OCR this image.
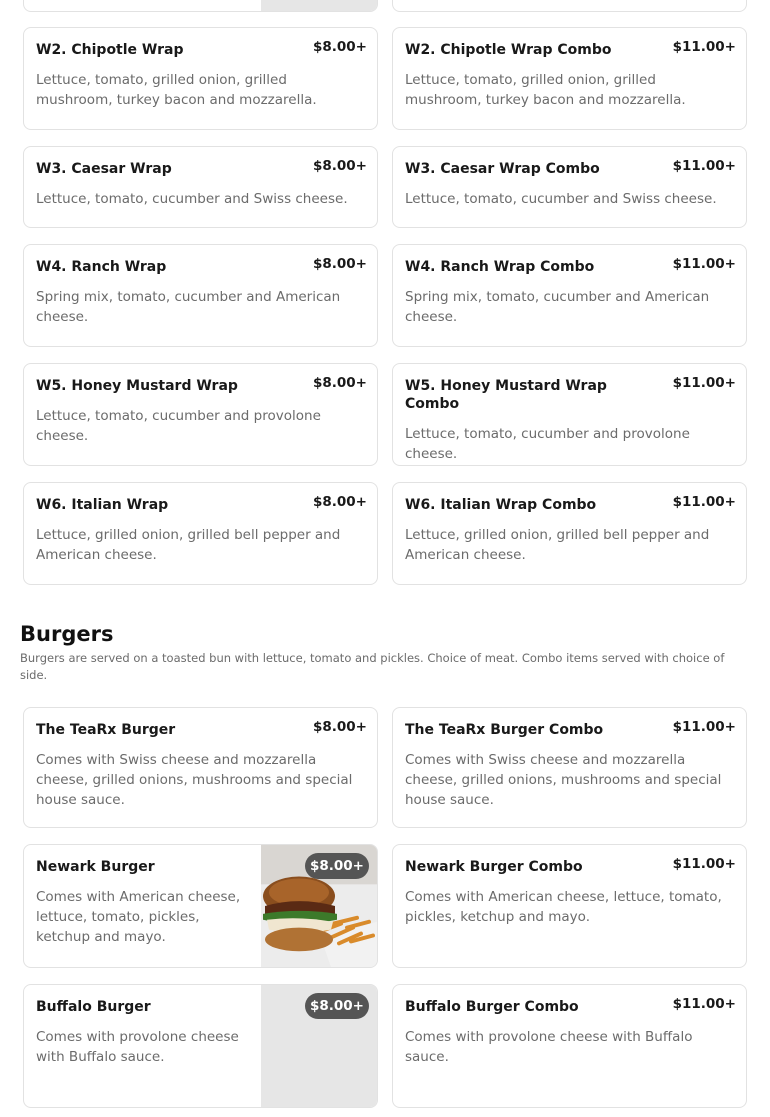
W2. Chipotle Wrap	$8.00+
Lettuce, tomato, grilled onion, grilled mushroom, turkey bacon and mozzarella.
W2. Chipotle Wrap Combo	$11.00+
Lettuce, tomato, grilled onion, grilled mushroom, turkey bacon and mozzarella.
W3. Caesar Wrap	$8.00+
Lettuce, tomato, cucumber and Swiss cheese.
W3. Caesar Wrap Combo	$11.00+
Lettuce, tomato, cucumber and Swiss cheese.
W4. Ranch Wrap	$8.00+
Spring mix, tomato, cucumber and American cheese.
W4. Ranch Wrap Combo	$11.00+
Spring mix, tomato, cucumber and American cheese.
W5. Honey Mustard Wrap	$8.00+
Lettuce, tomato, cucumber and provolone cheese.
W5. Honey Mustard Wrap Combo
$11.00+
Lettuce, tomato, cucumber and provolone cheese.
W6. Italian Wrap	$8.00+
Lettuce, grilled onion, grilled bell pepper and American cheese.
W6. Italian Wrap Combo	$11.00+
Lettuce, grilled onion, grilled bell pepper and American cheese.
Burgers
Burgers are served on a toasted bun with lettuce, tomato and pickles. Choice of meat. Combo items served with choice of side.
The TeaRx Burger	$8.00+
Comes with Swiss cheese and mozzarella cheese, grilled onions, mushrooms and special house sauce.
The TeaRx Burger Combo	$11.00+
Comes with Swiss cheese and mozzarella cheese, grilled onions, mushrooms and special house sauce.
Newark Burger
Comes with American cheese, lettuce, tomato, pickles, ketchup and mayo.
$8.00+	Newark Burger Combo	$11.00+
Comes with American cheese, lettuce, tomato, pickles, ketchup and mayo.
Buffalo Burger
Comes with provolone cheese with Buffalo sauce.
$8.00+	Buffalo Burger Combo	$11.00+
Comes with provolone cheese with Buffalo sauce.
